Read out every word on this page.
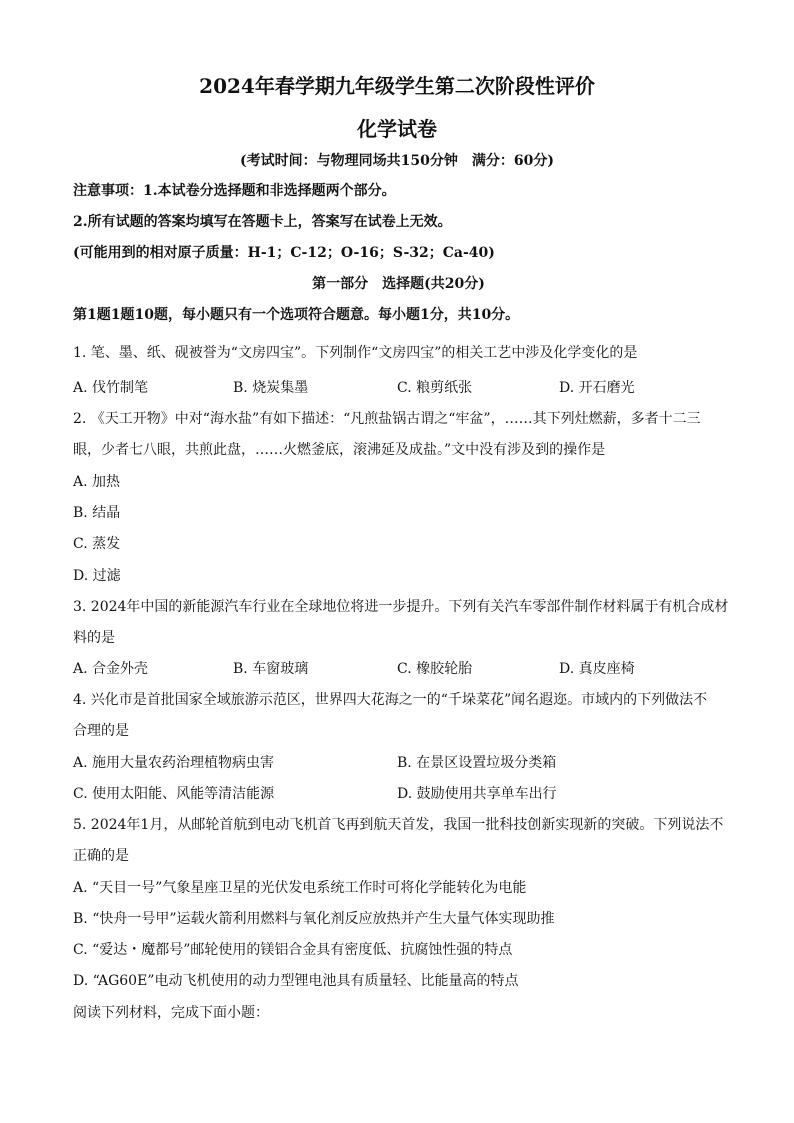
2024年春学期九年级学生第二次阶段性评价
化学试卷
(考试时间：与物理同场共150分钟　满分：60分)
注意事项：1.本试卷分选择题和非选择题两个部分。
2.所有试题的答案均填写在答题卡上，答案写在试卷上无效。
(可能用到的相对原子质量：H-1；C-12；O-16；S-32；Ca-40)
第一部分　选择题(共20分)
第1题1题10题，每小题只有一个选项符合题意。每小题1分，共10分。
1. 笔、墨、纸、砚被誉为“文房四宝”。下列制作“文房四宝”的相关工艺中涉及化学变化的是
A. 伐竹制笔	B. 烧炭集墨	C. 粮剪纸张	D. 开石磨光
2. 《天工开物》中对“海水盐”有如下描述：“凡煎盐锅古谓之“牢盆”，……其下列灶燃薪，多者十二三
眼，少者七八眼，共煎此盘，……火燃釜底，滚沸延及成盐。”文中没有涉及到的操作是
A. 加热
B. 结晶
C. 蒸发
D. 过滤
3. 2024年中国的新能源汽车行业在全球地位将进一步提升。下列有关汽车零部件制作材料属于有机合成材
料的是
A. 合金外壳	B. 车窗玻璃	C. 橡胶轮胎	D. 真皮座椅
4. 兴化市是首批国家全域旅游示范区，世界四大花海之一的“千垛菜花”闻名遐迩。市域内的下列做法不
合理的是
A. 施用大量农药治理植物病虫害	B. 在景区设置垃圾分类箱
C. 使用太阳能、风能等清洁能源	D. 鼓励使用共享单车出行
5. 2024年1月，从邮轮首航到电动飞机首飞再到航天首发，我国一批科技创新实现新的突破。下列说法不
正确的是
A. “天目一号”气象星座卫星的光伏发电系统工作时可将化学能转化为电能
B. “快舟一号甲”运载火箭利用燃料与氧化剂反应放热并产生大量气体实现助推
C. “爱达・魔都号”邮轮使用的镁铝合金具有密度低、抗腐蚀性强的特点
D. “AG60E”电动飞机使用的动力型锂电池具有质量轻、比能量高的特点
阅读下列材料，完成下面小题：
